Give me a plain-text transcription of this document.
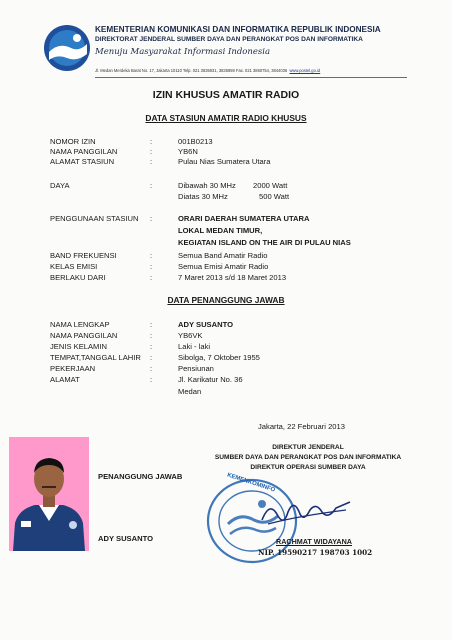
KEMENTERIAN KOMUNIKASI DAN INFORMATIKA REPUBLIK INDONESIA
DIREKTORAT JENDERAL SUMBER DAYA DAN PERANGKAT POS DAN INFORMATIKA
Menuju Masyarakat Informasi Indonesia
Jl. Medan Merdeka Barat No. 17, Jakarta 10110 Telp. 021 3835931, 3835959 Fax. 021 3860754, 3844036 www.postel.go.id
IZIN KHUSUS AMATIR RADIO
DATA STASIUN AMATIR RADIO KHUSUS
NOMOR IZIN	:	001B0213
NAMA PANGGILAN	:	YB6N
ALAMAT STASIUN	:	Pulau Nias Sumatera Utara
DAYA	:	Dibawah 30 MHz 2000 Watt
Diatas 30 MHz	500 Watt
PENGGUNAAN STASIUN :	ORARI DAERAH SUMATERA UTARA
LOKAL MEDAN TIMUR,
KEGIATAN ISLAND ON THE AIR DI PULAU NIAS
BAND FREKUENSI	:	Semua Band Amatir Radio
KELAS EMISI	:	Semua Emisi Amatir Radio
BERLAKU DARI	:	7 Maret 2013 s/d 18 Maret 2013
DATA PENANGGUNG JAWAB
NAMA LENGKAP	:	ADY SUSANTO
NAMA PANGGILAN	:	YB6VK
JENIS KELAMIN	:	Laki - laki
TEMPAT,TANGGAL LAHIR :	Sibolga, 7 Oktober 1955
PEKERJAAN	:	Pensiunan
ALAMAT	:	Jl. Karikatur No. 36
Medan
Jakarta, 22 Februari 2013
DIREKTUR JENDERAL
SUMBER DAYA DAN PERANGKAT POS DAN INFORMATIKA
DIREKTUR OPERASI SUMBER DAYA
PENANGGUNG JAWAB
ADY SUSANTO
KEMENKOMINFO
RACHMAT WIDAYANA
NIP. 19590217 198703 1002
